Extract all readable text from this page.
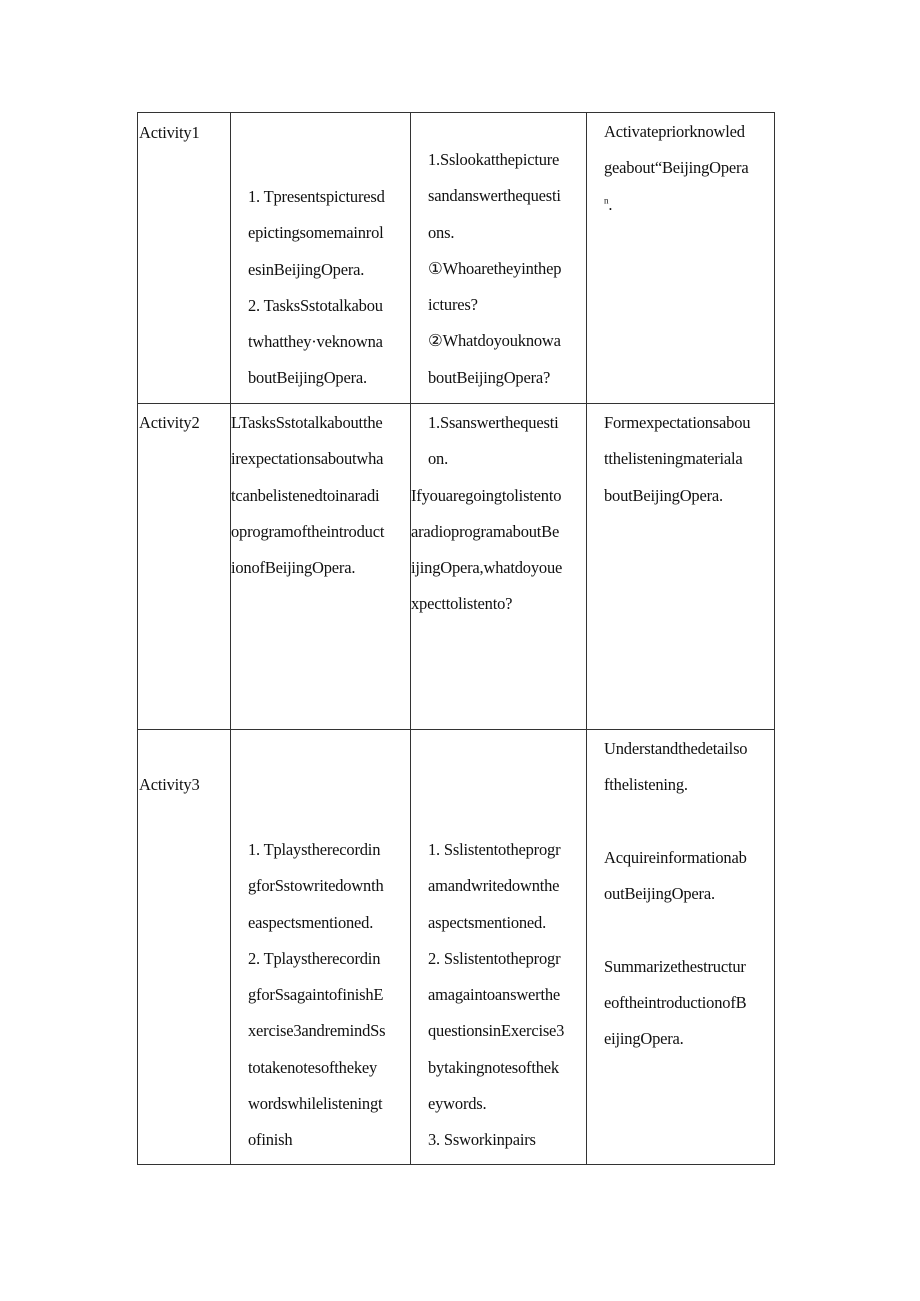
Activity1
1. Tpresentspicturesd
epictingsomemainrol
esinBeijingOpera.
2. TasksSstotalkabou
twhatthey·veknowna
boutBeijingOpera.
1.Sslookatthepicture
sandanswerthequesti
ons.
①Whoaretheyinthep
ictures?
②Whatdoyouknowa
boutBeijingOpera?
Activatepriorknowled
geabout“BeijingOpera
$^n$.
Activity2 LTasksSstotalkaboutthe
irexpectationsaboutwha
tcanbelistenedtoinaradi
oprogramoftheintroduct
ionofBeijingOpera.
1.Ssanswerthequesti
on.
Ifyouaregoingtolistento
aradioprogramaboutBe
ijingOpera,whatdoyoue
xpecttolistento?
Formexpectationsabou
tthelisteningmateriala
boutBeijingOpera.
Activity3
1. Tplaystherecordin
gforSstowritedownth
easpectsmentioned.
2. Tplaystherecordin
gforSsagaintofinishE
xercise3andremindSs
totakenotesofthekey
wordswhilelisteningt
ofinish
1. Sslistentotheprogr
amandwritedownthe
aspectsmentioned.
2. Sslistentotheprogr
amagaintoanswerthe
questionsinExercise3
bytakingnotesofthek
eywords.
3. Ssworkinpairs
Understandthedetailso
fthelistening.

Acquireinformationab
outBeijingOpera.

Summarizethestructur
eoftheintroductionofB
eijingOpera.
